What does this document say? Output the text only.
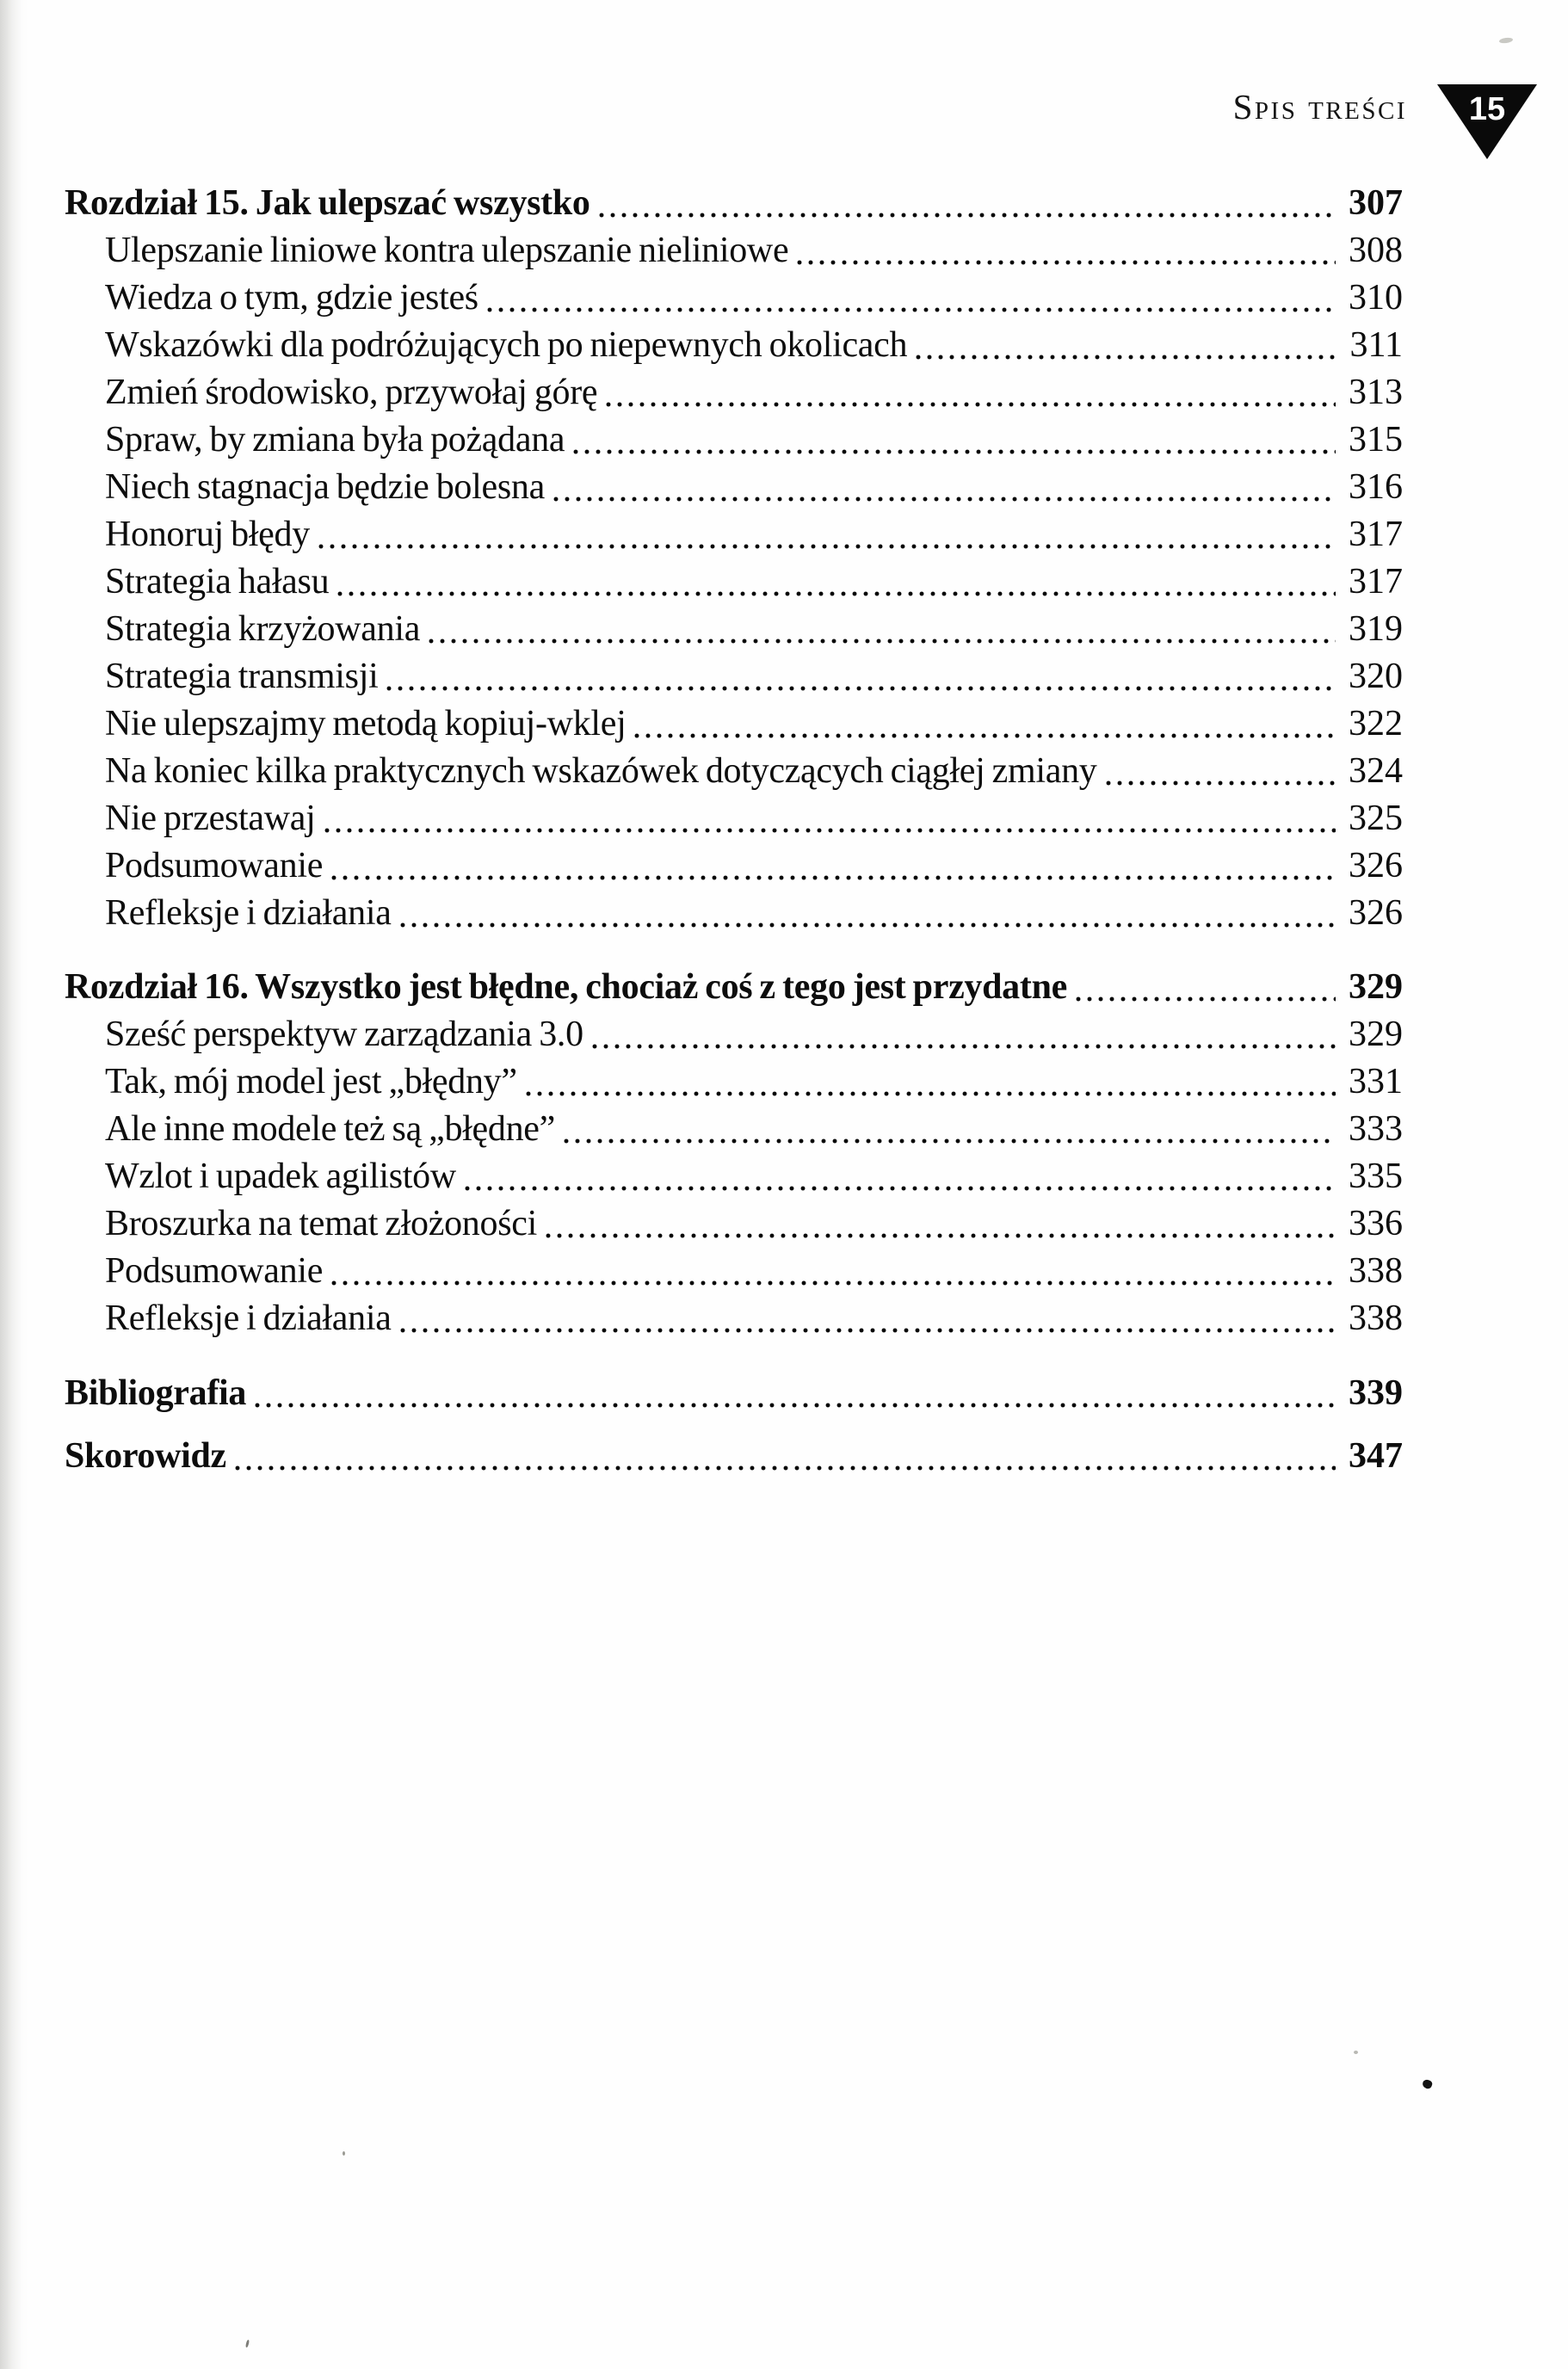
Spis treści	15
Rozdział 15. Jak ulepszać wszystko	307
Ulepszanie liniowe kontra ulepszanie nieliniowe	308
Wiedza o tym, gdzie jesteś	310
Wskazówki dla podróżujących po niepewnych okolicach	311
Zmień środowisko, przywołaj górę	313
Spraw, by zmiana była pożądana	315
Niech stagnacja będzie bolesna	316
Honoruj błędy	317
Strategia hałasu	317
Strategia krzyżowania	319
Strategia transmisji	320
Nie ulepszajmy metodą kopiuj-wklej	322
Na koniec kilka praktycznych wskazówek dotyczących ciągłej zmiany	324
Nie przestawaj	325
Podsumowanie	326
Refleksje i działania	326
Rozdział 16. Wszystko jest błędne, chociaż coś z tego jest przydatne	329
Sześć perspektyw zarządzania 3.0	329
Tak, mój model jest „błędny”	331
Ale inne modele też są „błędne”	333
Wzlot i upadek agilistów	335
Broszurka na temat złożoności	336
Podsumowanie	338
Refleksje i działania	338
Bibliografia	339
Skorowidz	347
